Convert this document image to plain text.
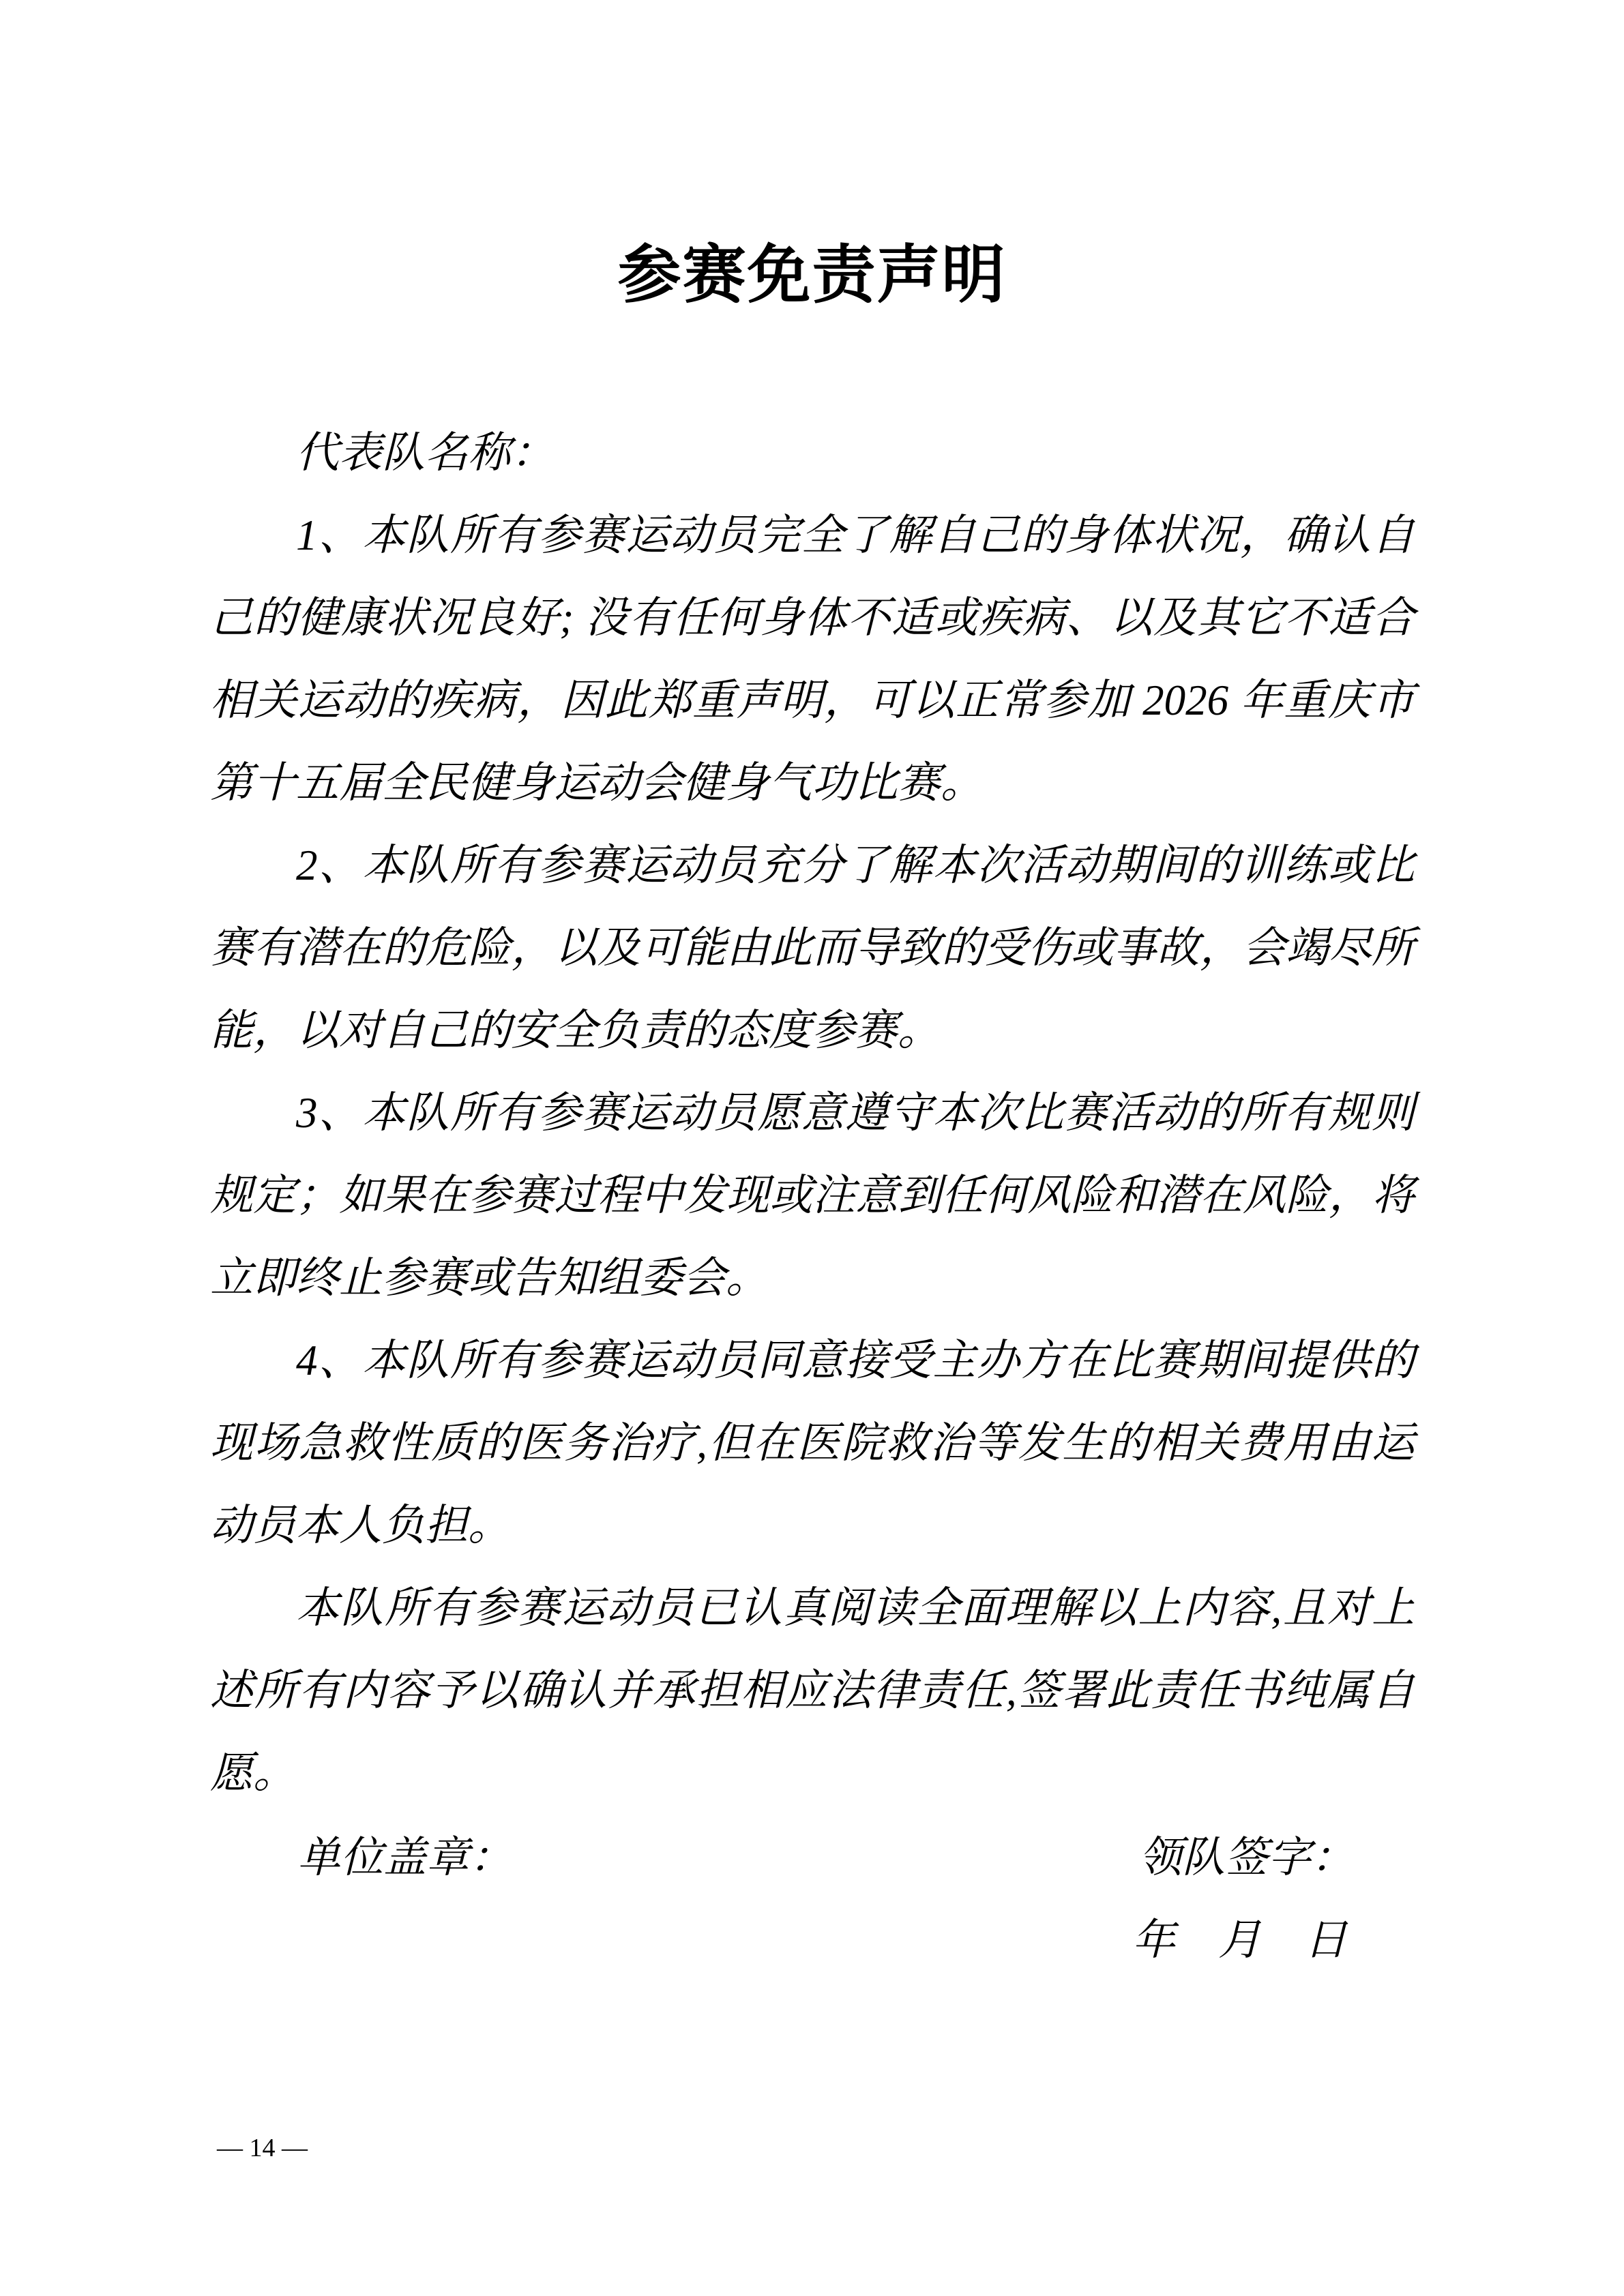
参赛免责声明

代表队名称：

1、本队所有参赛运动员完全了解自己的身体状况，确认自己的健康状况良好; 没有任何身体不适或疾病、以及其它不适合相关运动的疾病，因此郑重声明，可以正常参加 2026 年重庆市第十五届全民健身运动会健身气功比赛。

2、本队所有参赛运动员充分了解本次活动期间的训练或比赛有潜在的危险，以及可能由此而导致的受伤或事故，会竭尽所能，以对自己的安全负责的态度参赛。

3、本队所有参赛运动员愿意遵守本次比赛活动的所有规则规定；如果在参赛过程中发现或注意到任何风险和潜在风险，将立即终止参赛或告知组委会。

4、本队所有参赛运动员同意接受主办方在比赛期间提供的现场急救性质的医务治疗,但在医院救治等发生的相关费用由运动员本人负担。

本队所有参赛运动员已认真阅读全面理解以上内容,且对上述所有内容予以确认并承担相应法律责任,签署此责任书纯属自愿。

单位盖章：	领队签字：
年　月　日
— 14 —
